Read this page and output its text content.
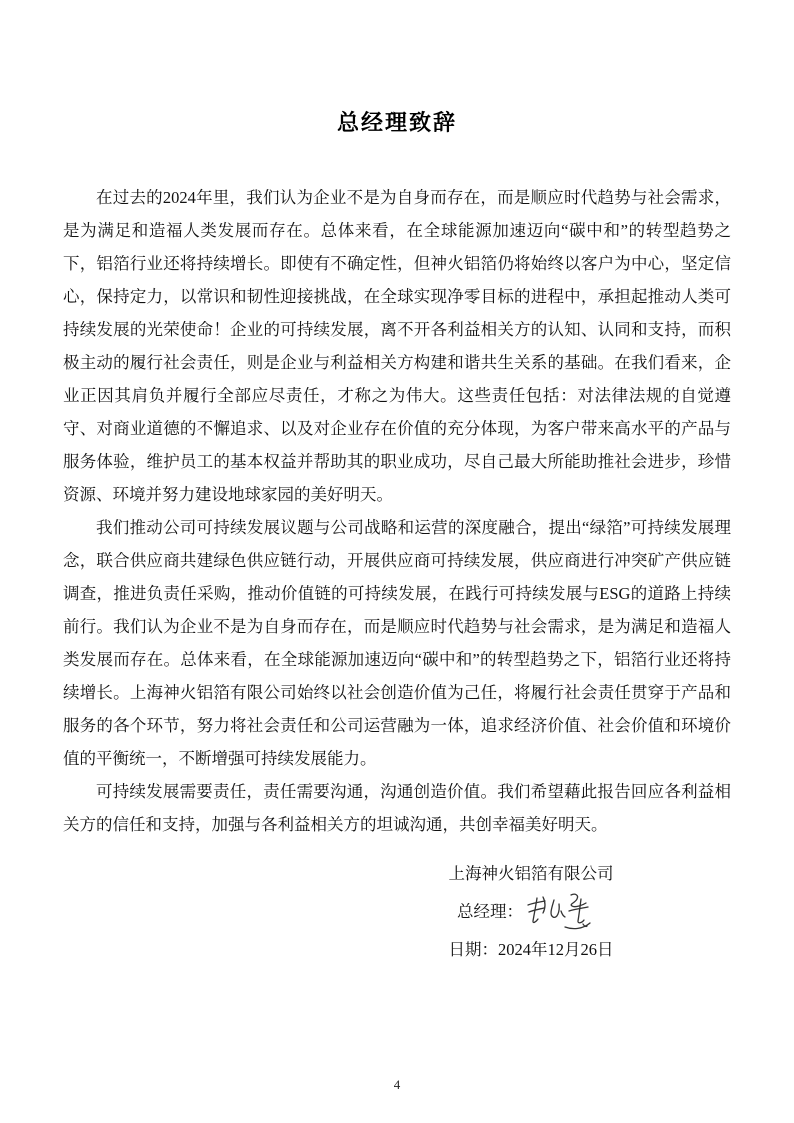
总经理致辞

在过去的2024年里，我们认为企业不是为自身而存在，而是顺应时代趋势与社会需求，是为满足和造福人类发展而存在。总体来看，在全球能源加速迈向“碳中和”的转型趋势之下，铝箔行业还将持续增长。即使有不确定性，但神火铝箔仍将始终以客户为中心，坚定信心，保持定力，以常识和韧性迎接挑战，在全球实现净零目标的进程中，承担起推动人类可持续发展的光荣使命！企业的可持续发展，离不开各利益相关方的认知、认同和支持，而积极主动的履行社会责任，则是企业与利益相关方构建和谐共生关系的基础。在我们看来，企业正因其肩负并履行全部应尽责任，才称之为伟大。这些责任包括：对法律法规的自觉遵守、对商业道德的不懈追求、以及对企业存在价值的充分体现，为客户带来高水平的产品与服务体验，维护员工的基本权益并帮助其的职业成功，尽自己最大所能助推社会进步，珍惜资源、环境并努力建设地球家园的美好明天。

我们推动公司可持续发展议题与公司战略和运营的深度融合，提出“绿箔”可持续发展理念，联合供应商共建绿色供应链行动，开展供应商可持续发展，供应商进行冲突矿产供应链调查，推进负责任采购，推动价值链的可持续发展，在践行可持续发展与ESG的道路上持续前行。我们认为企业不是为自身而存在，而是顺应时代趋势与社会需求，是为满足和造福人类发展而存在。总体来看，在全球能源加速迈向“碳中和”的转型趋势之下，铝箔行业还将持续增长。上海神火铝箔有限公司始终以社会创造价值为己任，将履行社会责任贯穿于产品和服务的各个环节，努力将社会责任和公司运营融为一体，追求经济价值、社会价值和环境价值的平衡统一，不断增强可持续发展能力。

可持续发展需要责任，责任需要沟通，沟通创造价值。我们希望藉此报告回应各利益相关方的信任和支持，加强与各利益相关方的坦诚沟通，共创幸福美好明天。

上海神火铝箔有限公司
总经理：
日期：2024年12月26日
4
